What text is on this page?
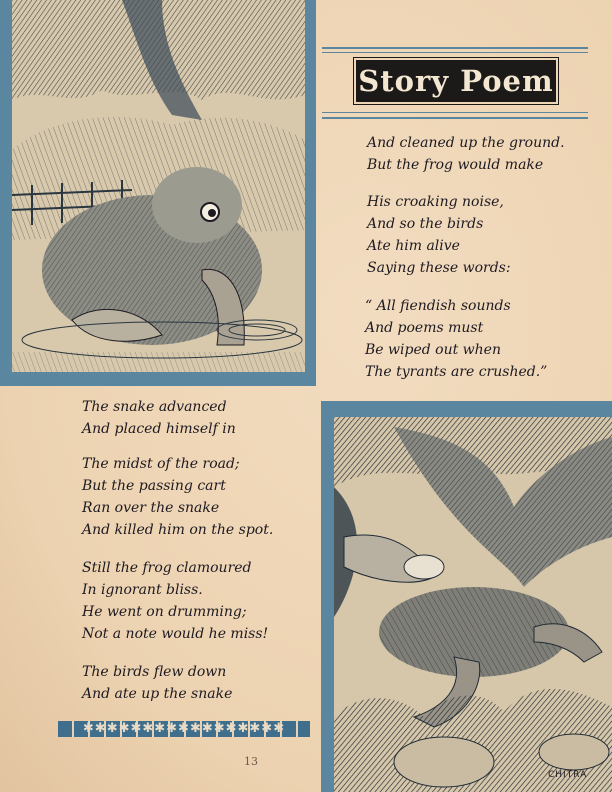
Story Poem
And cleaned up the ground.
But the frog would make
His croaking noise,
And so the birds
Ate him alive
Saying these words:
“ All fiendish sounds
And poems must
Be wiped out when
The tyrants are crushed.”
The snake advanced
And placed himself in
The midst of the road;
But the passing cart
Ran over the snake
And killed him on the spot.
Still the frog clamoured
In ignorant bliss.
He went on drumming;
Not a note would he miss!
The birds flew down
And ate up the snake
✱✱✱✱✱✱✱✱✱✱✱✱✱✱✱✱✱
13
CHITRA
